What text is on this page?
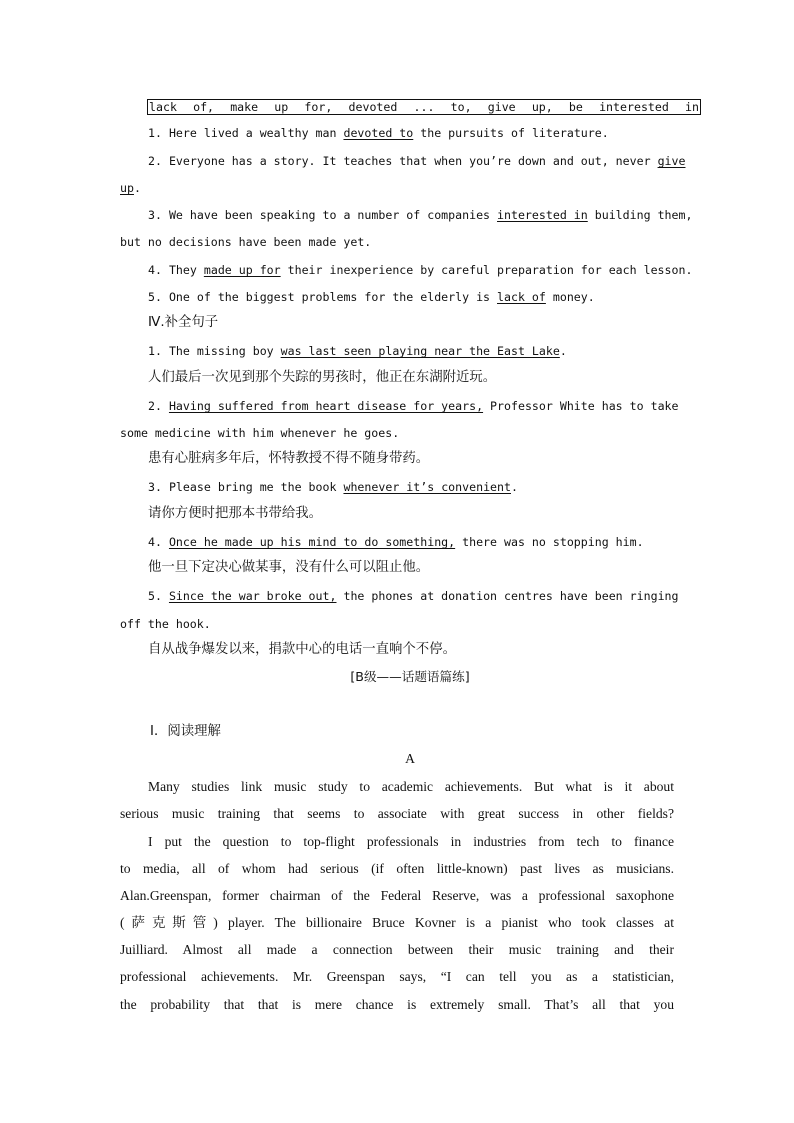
lack of, make up for, devoted ... to, give up, be interested in
1. Here lived a wealthy man devoted to the pursuits of literature.
2. Everyone has a story. It teaches that when you’re down and out, never give
up.
3. We have been speaking to a number of companies interested in building them,
but no decisions have been made yet.
4. They made up for their inexperience by careful preparation for each lesson.
5. One of the biggest problems for the elderly is lack of money.
Ⅳ.补全句子
1. The missing boy was last seen playing near the East Lake.
人们最后一次见到那个失踪的男孩时，他正在东湖附近玩。
2. Having suffered from heart disease for years, Professor White has to take
some medicine with him whenever he goes.
患有心脏病多年后，怀特教授不得不随身带药。
3. Please bring me the book whenever it’s convenient.
请你方便时把那本书带给我。
4. Once he made up his mind to do something, there was no stopping him.
他一旦下定决心做某事，没有什么可以阻止他。
5. Since the war broke out, the phones at donation centres have been ringing
off the hook.
自从战争爆发以来，捐款中心的电话一直响个不停。
[B级——话题语篇练]
Ⅰ．阅读理解
A
Many studies link music study to academic achievements. But what is it about
serious music training that seems to associate with great success in other fields?
I put the question to top-flight professionals in industries from tech to finance
to media, all of whom had serious (if often little-known) past lives as musicians.
Alan.Greenspan, former chairman of the Federal Reserve, was a professional saxophone
(萨克斯管) player. The billionaire Bruce Kovner is a pianist who took classes at
Juilliard. Almost all made a connection between their music training and their
professional achievements. Mr. Greenspan says, “I can tell you as a statistician,
the probability that that is mere chance is extremely small. That’s all that you
